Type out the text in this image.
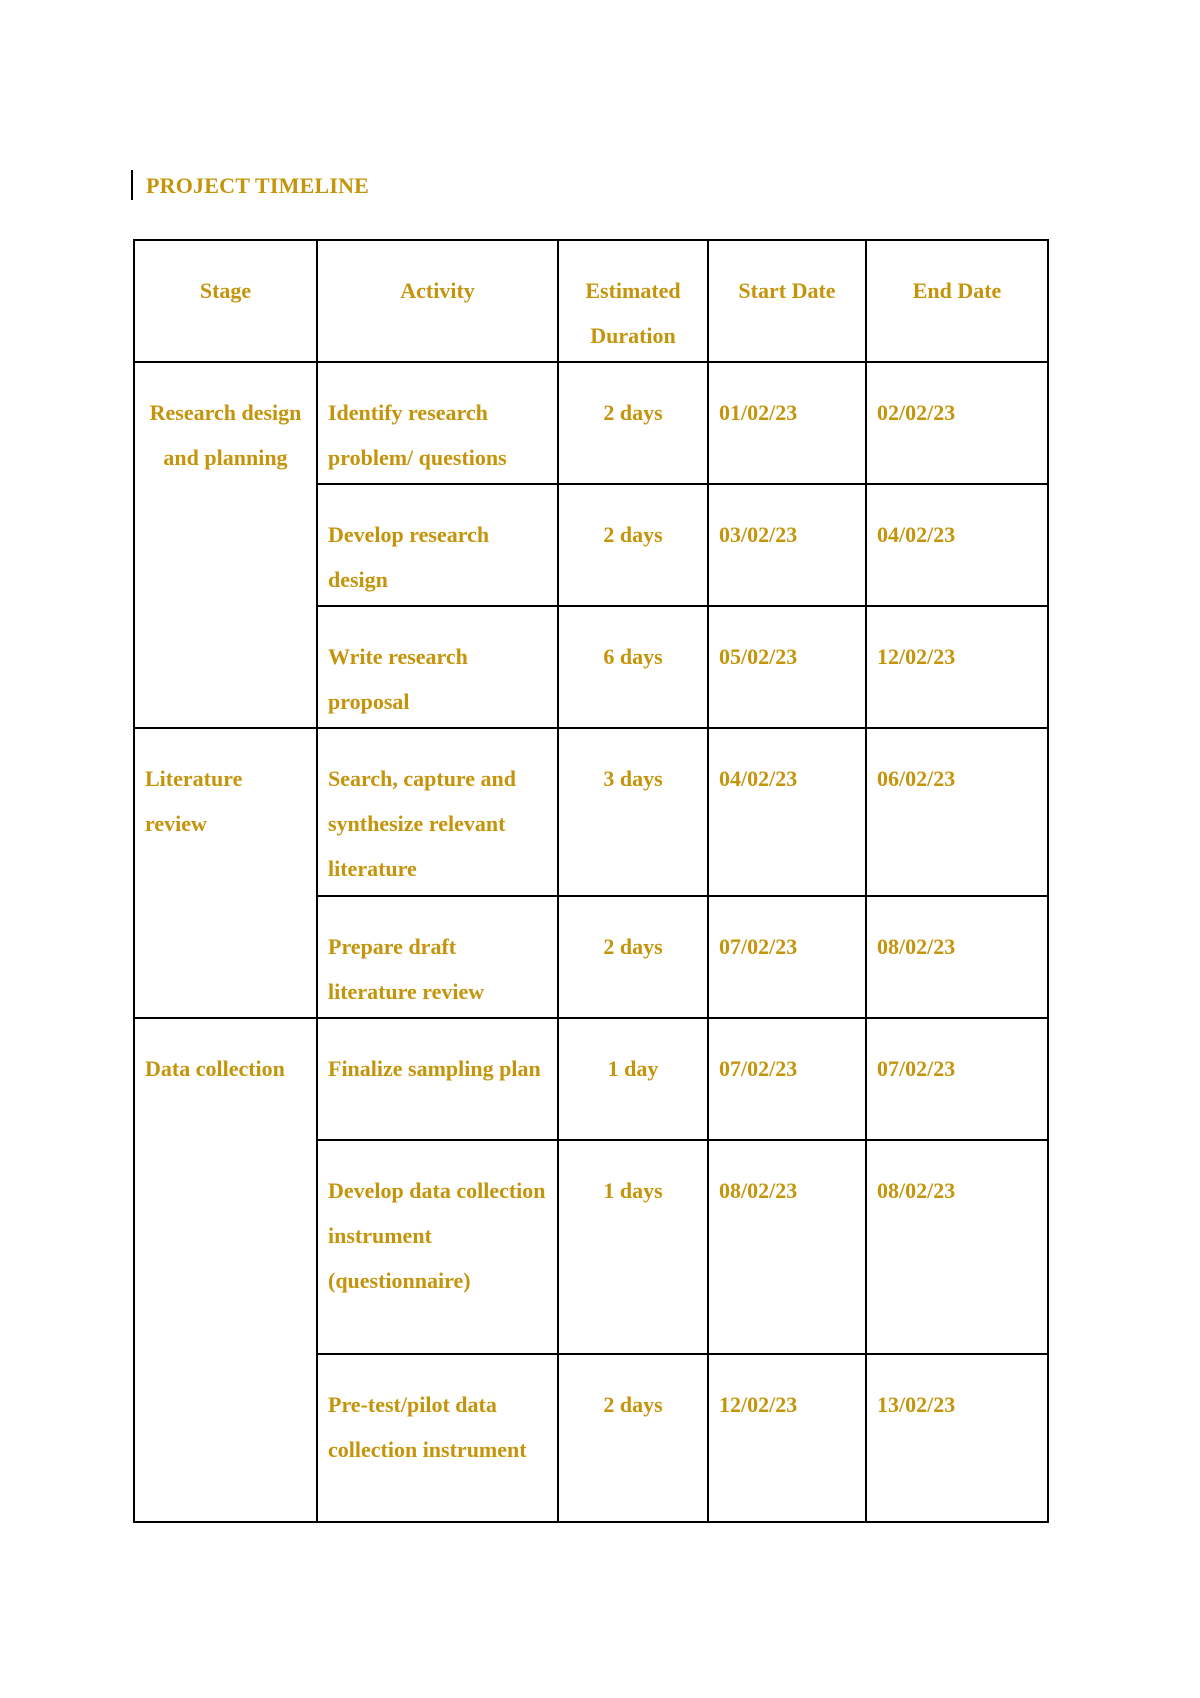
PROJECT TIMELINE
Stage	Activity	Estimated Duration	Start Date	End Date
Research design and planning	Identify research problem/ questions	2 days	01/02/23	02/02/23
	Develop research design	2 days	03/02/23	04/02/23
	Write research proposal	6 days	05/02/23	12/02/23
Literature review	Search, capture and synthesize relevant literature	3 days	04/02/23	06/02/23
	Prepare draft literature review	2 days	07/02/23	08/02/23
Data collection	Finalize sampling plan	1 day	07/02/23	07/02/23
	Develop data collection instrument (questionnaire)	1 days	08/02/23	08/02/23
	Pre-test/pilot data collection instrument	2 days	12/02/23	13/02/23
